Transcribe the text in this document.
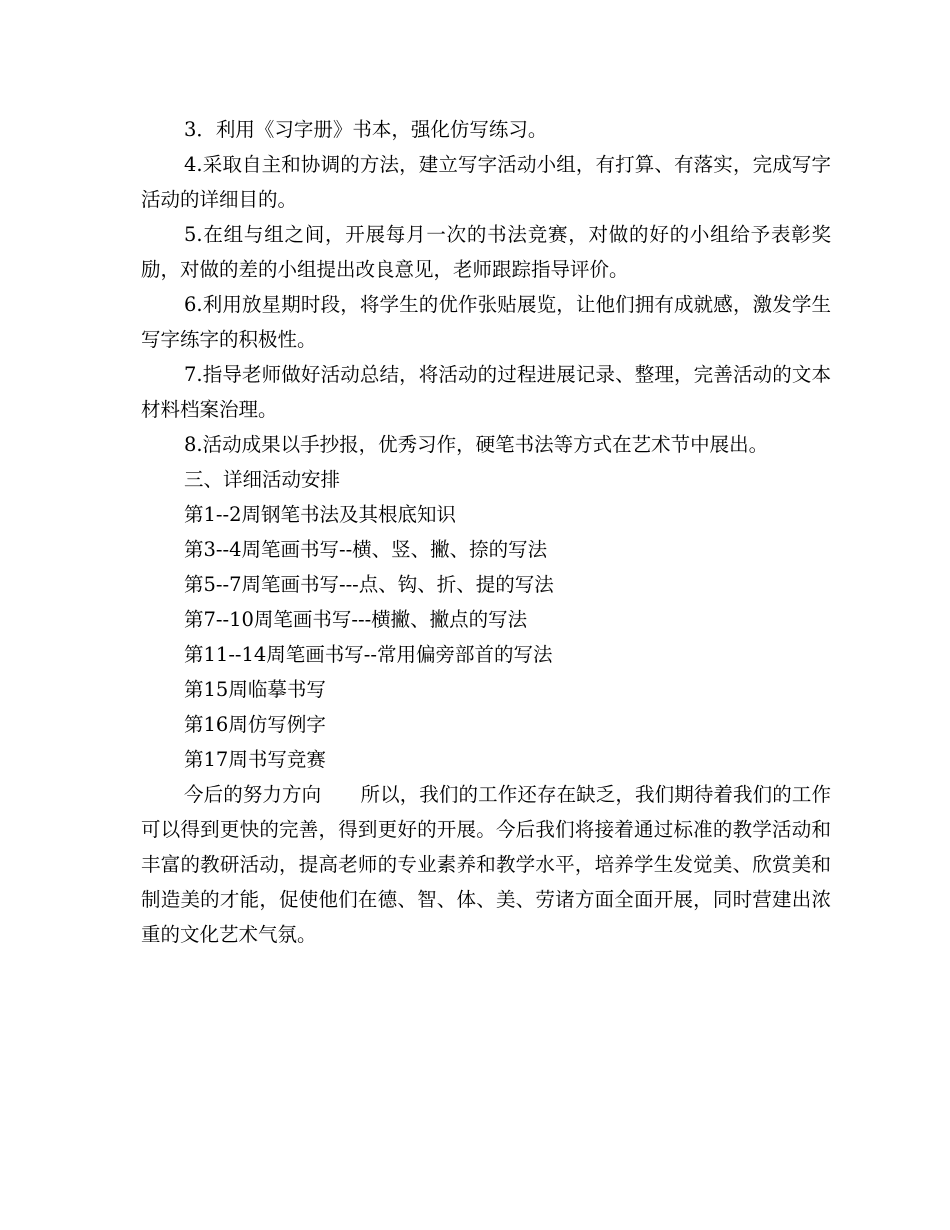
3．利用《习字册》书本，强化仿写练习。

4.采取自主和协调的方法，建立写字活动小组，有打算、有落实，完成写字活动的详细目的。

5.在组与组之间，开展每月一次的书法竞赛，对做的好的小组给予表彰奖励，对做的差的小组提出改良意见，老师跟踪指导评价。

6.利用放星期时段，将学生的优作张贴展览，让他们拥有成就感，激发学生写字练字的积极性。

7.指导老师做好活动总结，将活动的过程进展记录、整理，完善活动的文本材料档案治理。

8.活动成果以手抄报，优秀习作，硬笔书法等方式在艺术节中展出。

三、详细活动安排

第1--2周钢笔书法及其根底知识

第3--4周笔画书写--横、竖、撇、捺的写法

第5--7周笔画书写---点、钩、折、提的写法

第7--10周笔画书写---横撇、撇点的写法

第11--14周笔画书写--常用偏旁部首的写法

第15周临摹书写

第16周仿写例字

第17周书写竞赛

今后的努力方向　　所以，我们的工作还存在缺乏，我们期待着我们的工作可以得到更快的完善，得到更好的开展。今后我们将接着通过标准的教学活动和丰富的教研活动，提高老师的专业素养和教学水平，培养学生发觉美、欣赏美和制造美的才能，促使他们在德、智、体、美、劳诸方面全面开展，同时营建出浓重的文化艺术气氛。
